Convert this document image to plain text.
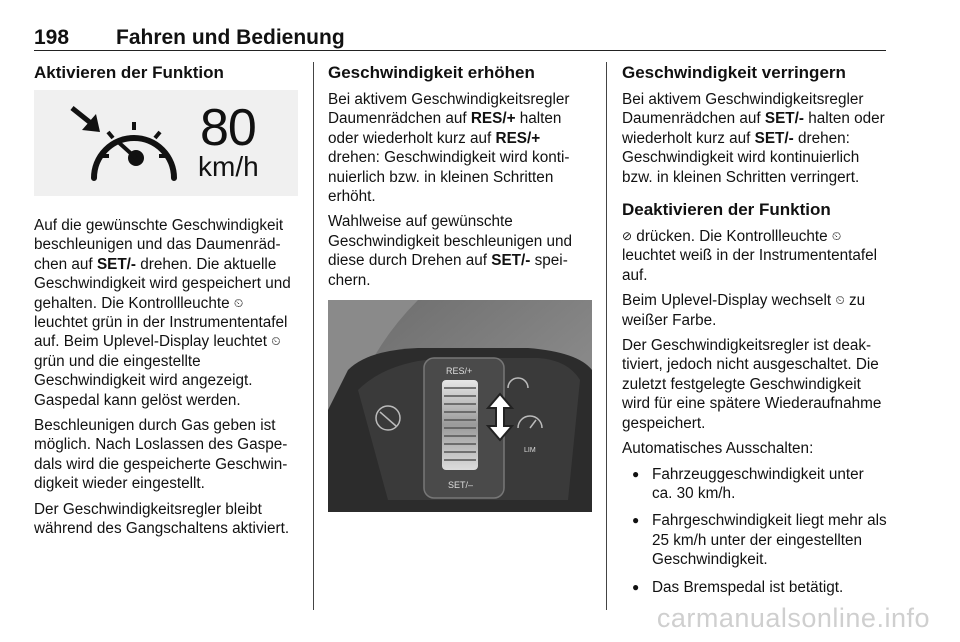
198 Fahren und Bedienung
Aktivieren der Funktion
80
km/h

Auf die gewünschte Geschwindigkeit beschleunigen und das Daumenrädchen auf SET/- drehen. Die aktuelle Geschwindigkeit wird gespeichert und gehalten. Die Kontrollleuchte ⏲ leuchtet grün in der Instrumententafel auf. Beim Uplevel-Display leuchtet ⏲ grün und die eingestellte Geschwindigkeit wird angezeigt. Gaspedal kann gelöst werden.

Beschleunigen durch Gas geben ist möglich. Nach Loslassen des Gaspedals wird die gespeicherte Geschwindigkeit wieder eingestellt.

Der Geschwindigkeitsregler bleibt während des Gangschaltens aktiviert.

Geschwindigkeit erhöhen

Bei aktivem Geschwindigkeitsregler Daumenrädchen auf RES/+ halten oder wiederholt kurz auf RES/+ drehen: Geschwindigkeit wird kontinuierlich bzw. in kleinen Schritten erhöht.

Wahlweise auf gewünschte Geschwindigkeit beschleunigen und diese durch Drehen auf SET/- speichern.

RES/+
SET/–
LIM
Geschwindigkeit verringern

Bei aktivem Geschwindigkeitsregler Daumenrädchen auf SET/- halten oder wiederholt kurz auf SET/- drehen: Geschwindigkeit wird kontinuierlich bzw. in kleinen Schritten verringert.

Deaktivieren der Funktion

⊘ drücken. Die Kontrollleuchte ⏲ leuchtet weiß in der Instrumententafel auf.

Beim Uplevel-Display wechselt ⏲ zu weißer Farbe.

Der Geschwindigkeitsregler ist deaktiviert, jedoch nicht ausgeschaltet. Die zuletzt festgelegte Geschwindigkeit wird für eine spätere Wiederaufnahme gespeichert.

Automatisches Ausschalten:

● Fahrzeuggeschwindigkeit unter ca. 30 km/h.
● Fahrgeschwindigkeit liegt mehr als 25 km/h unter der eingestellten Geschwindigkeit.
● Das Bremspedal ist betätigt.
carmanualsonline.info
